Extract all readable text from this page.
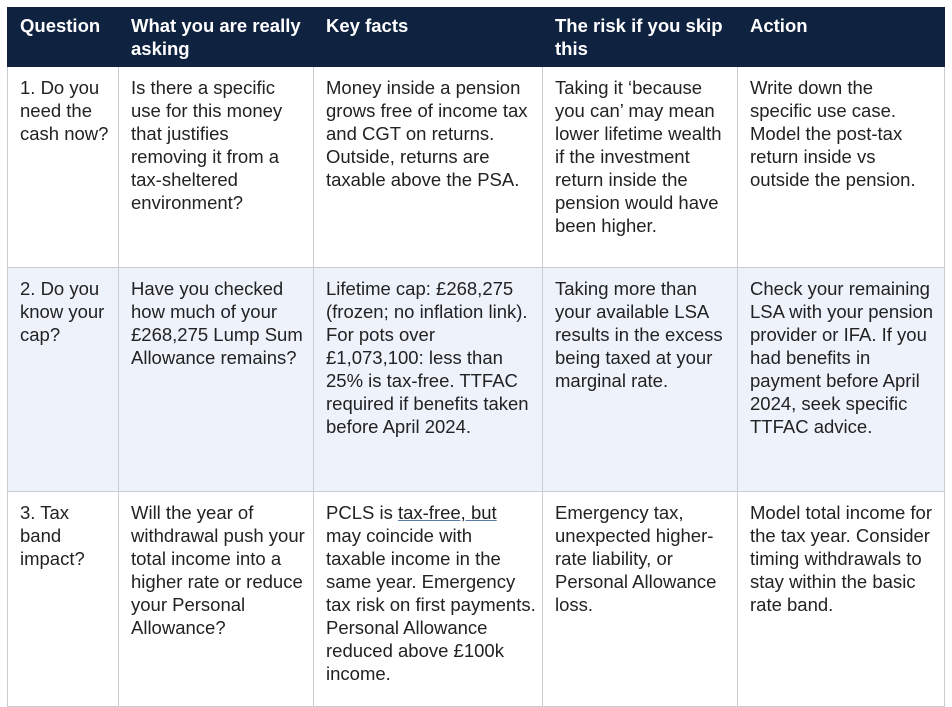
Question	What you are really asking	Key facts	The risk if you skip this	Action
1. Do you need the cash now?	Is there a specific use for this money that justifies removing it from a tax-sheltered environment?	Money inside a pension grows free of income tax and CGT on returns. Outside, returns are taxable above the PSA.	Taking it ‘because you can’ may mean lower lifetime wealth if the investment return inside the pension would have been higher.	Write down the specific use case. Model the post-tax return inside vs outside the pension.
2. Do you know your cap?	Have you checked how much of your £268,275 Lump Sum Allowance remains?	Lifetime cap: £268,275 (frozen; no inflation link). For pots over £1,073,100: less than 25% is tax-free. TTFAC required if benefits taken before April 2024.	Taking more than your available LSA results in the excess being taxed at your marginal rate.	Check your remaining LSA with your pension provider or IFA. If you had benefits in payment before April 2024, seek specific TTFAC advice.
3. Tax band impact?	Will the year of withdrawal push your total income into a higher rate or reduce your Personal Allowance?	PCLS is tax-free, but may coincide with taxable income in the same year. Emergency tax risk on first payments. Personal Allowance reduced above £100k income.	Emergency tax, unexpected higher-rate liability, or Personal Allowance loss.	Model total income for the tax year. Consider timing withdrawals to stay within the basic rate band.
